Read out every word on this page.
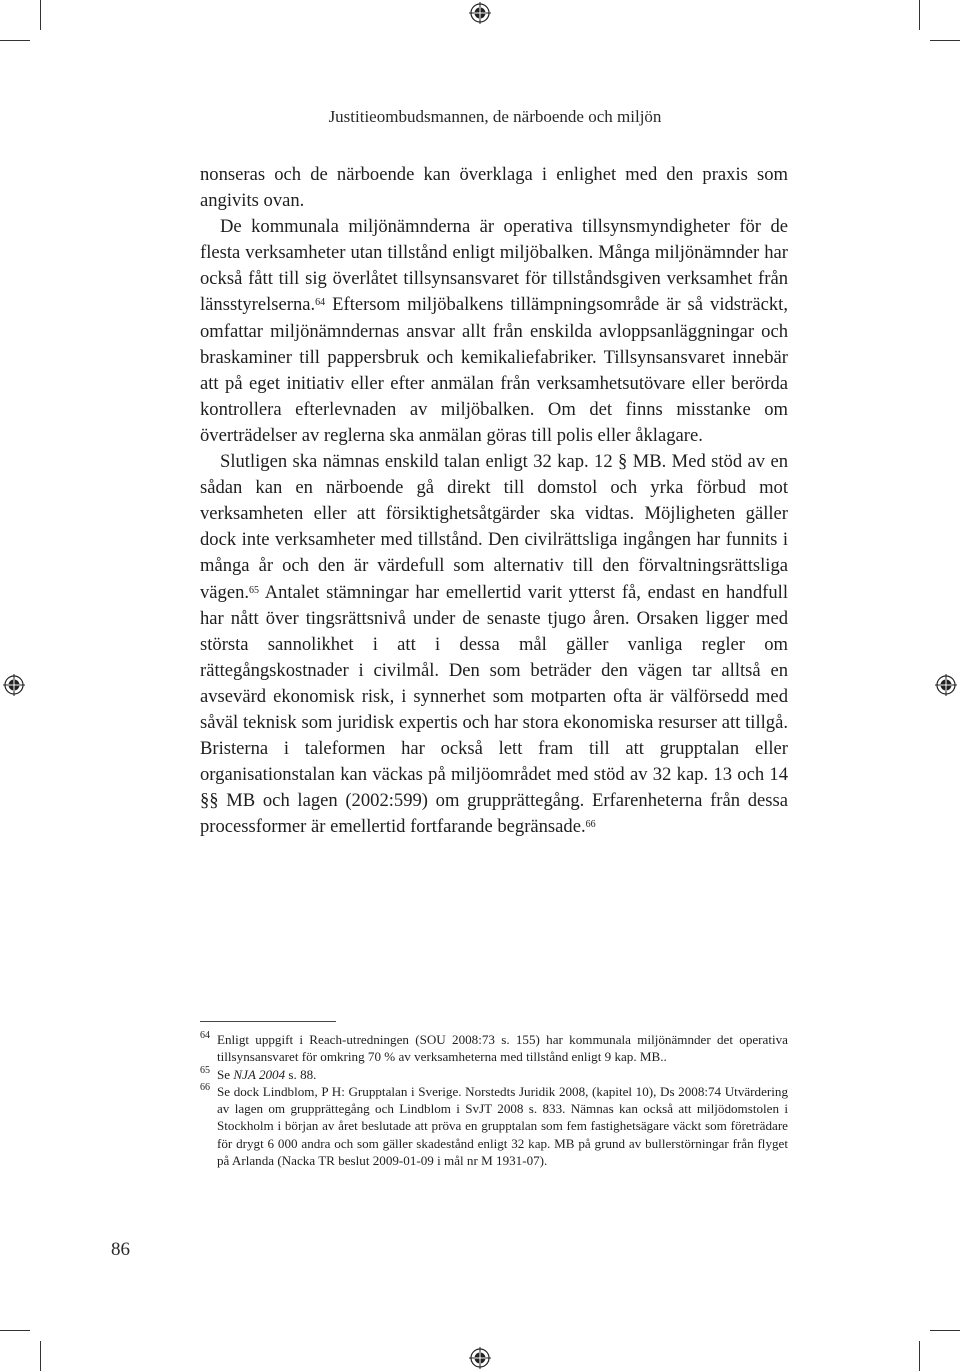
Justitieombudsmannen, de närboende och miljön

nonseras och de närboende kan överklaga i enlighet med den praxis som angivits ovan.

De kommunala miljönämnderna är operativa tillsynsmyndigheter för de flesta verksamheter utan tillstånd enligt miljöbalken. Många miljönämnder har också fått till sig överlåtet tillsynsansvaret för tillståndsgiven verksamhet från länsstyrelserna.$^{64}$ Eftersom miljöbalkens tillämpningsområde är så vidsträckt, omfattar miljönämndernas ansvar allt från enskilda avloppsanläggningar och braskaminer till pappersbruk och kemikaliefabriker. Tillsynsansvaret innebär att på eget initiativ eller efter anmälan från verksamhetsutövare eller berörda kontrollera efterlevnaden av miljöbalken. Om det finns misstanke om överträdelser av reglerna ska anmälan göras till polis eller åklagare.

Slutligen ska nämnas enskild talan enligt 32 kap. 12 § MB. Med stöd av en sådan kan en närboende gå direkt till domstol och yrka förbud mot verksamheten eller att försiktighetsåtgärder ska vidtas. Möjligheten gäller dock inte verksamheter med tillstånd. Den civilrättsliga ingången har funnits i många år och den är värdefull som alternativ till den förvaltningsrättsliga vägen.$^{65}$ Antalet stämningar har emellertid varit ytterst få, endast en handfull har nått över tingsrättsnivå under de senaste tjugo åren. Orsaken ligger med största sannolikhet i att i dessa mål gäller vanliga regler om rättegångskostnader i civilmål. Den som beträder den vägen tar alltså en avsevärd ekonomisk risk, i synnerhet som motparten ofta är välförsedd med såväl teknisk som juridisk expertis och har stora ekonomiska resurser att tillgå. Bristerna i taleformen har också lett fram till att grupptalan eller organisationstalan kan väckas på miljöområdet med stöd av 32 kap. 13 och 14 §§ MB och lagen (2002:599) om grupprättegång. Erfarenheterna från dessa processformer är emellertid fortfarande begränsade.$^{66}$

64 Enligt uppgift i Reach-utredningen (SOU 2008:73 s. 155) har kommunala miljönämnder det operativa tillsynsansvaret för omkring 70 % av verksamheterna med tillstånd enligt 9 kap. MB..

65 Se NJA 2004 s. 88.

66 Se dock Lindblom, P H: Grupptalan i Sverige. Norstedts Juridik 2008, (kapitel 10), Ds 2008:74 Utvärdering av lagen om grupprättegång och Lindblom i SvJT 2008 s. 833. Nämnas kan också att miljödomstolen i Stockholm i början av året beslutade att pröva en grupptalan som fem fastighetsägare väckt som företrädare för drygt 6 000 andra och som gäller skadestånd enligt 32 kap. MB på grund av bullerstörningar från flyget på Arlanda (Nacka TR beslut 2009-01-09 i mål nr M 1931-07).

86
